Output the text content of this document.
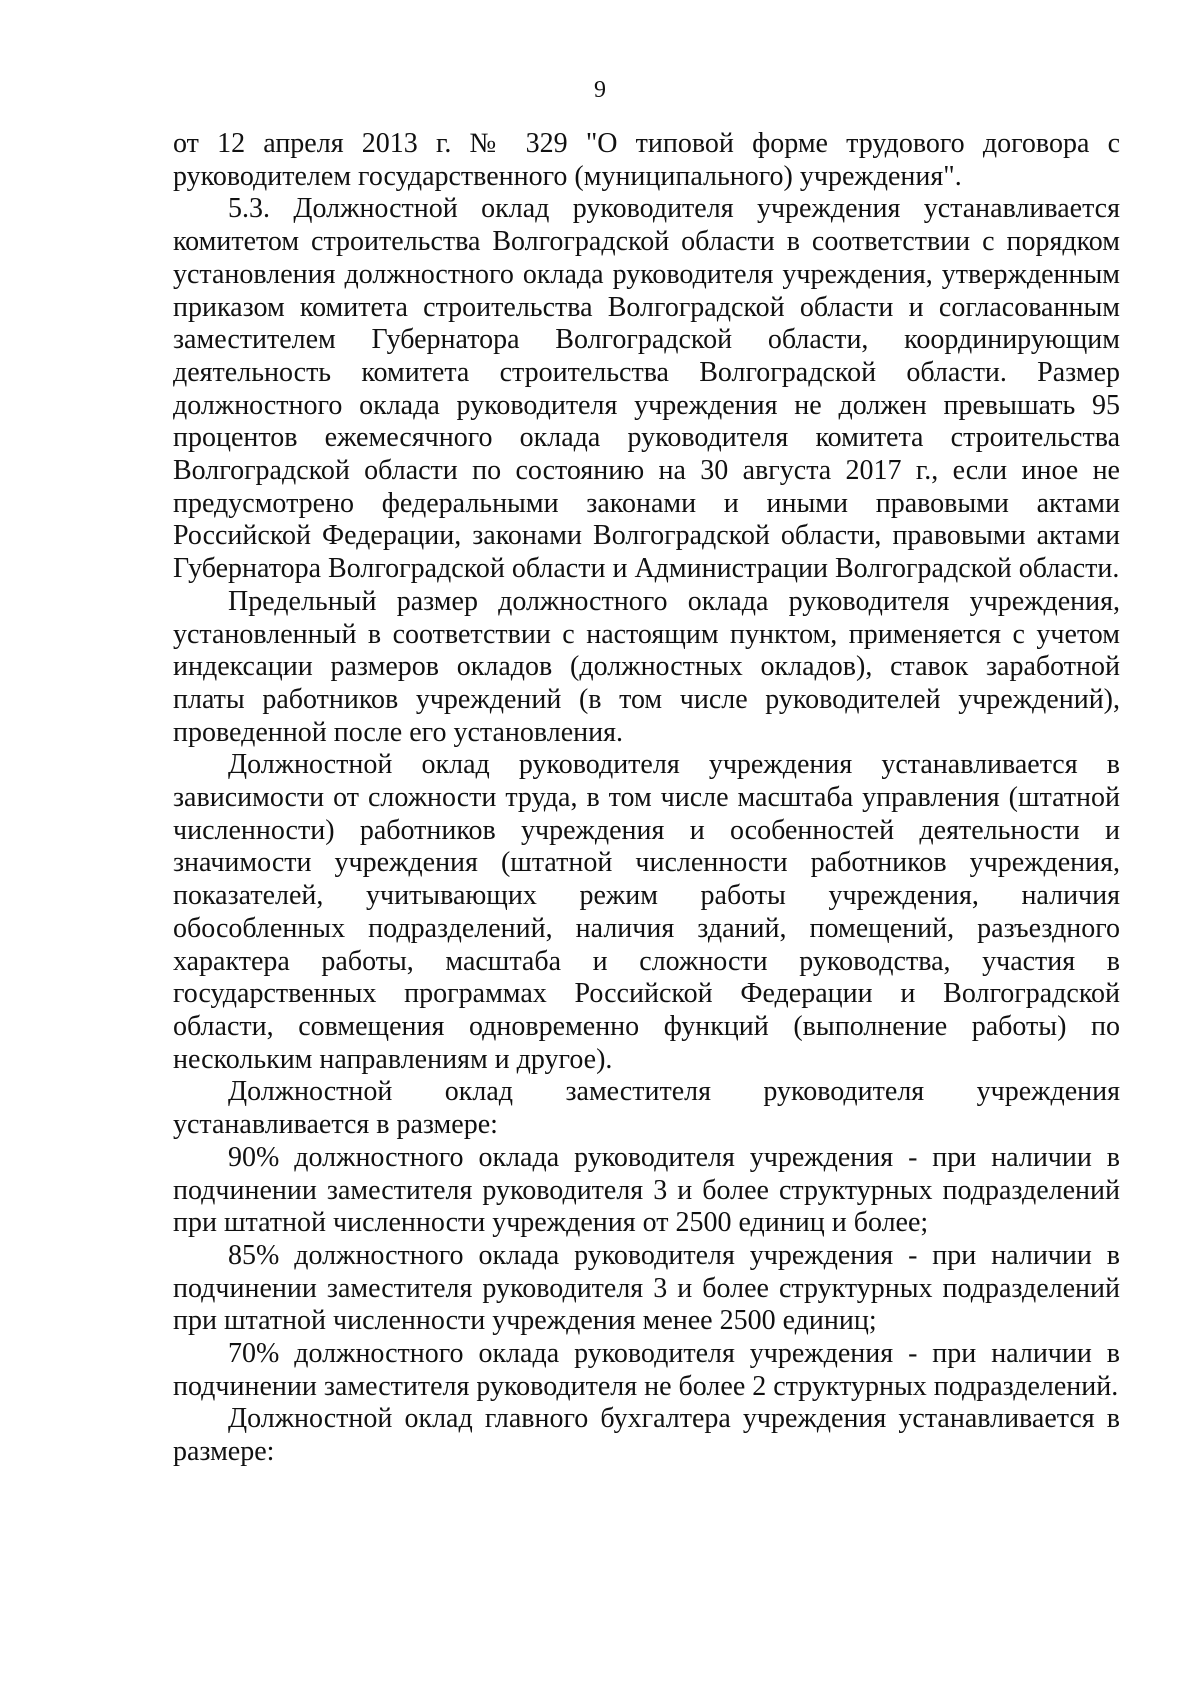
9

от 12 апреля 2013 г. № 329 "О типовой форме трудового договора с руководителем государственного (муниципального) учреждения".

5.3. Должностной оклад руководителя учреждения устанавливается комитетом строительства Волгоградской области в соответствии с порядком установления должностного оклада руководителя учреждения, утвержденным приказом комитета строительства Волгоградской области и согласованным заместителем Губернатора Волгоградской области, координирующим деятельность комитета строительства Волгоградской области. Размер должностного оклада руководителя учреждения не должен превышать 95 процентов ежемесячного оклада руководителя комитета строительства Волгоградской области по состоянию на 30 августа 2017 г., если иное не предусмотрено федеральными законами и иными правовыми актами Российской Федерации, законами Волгоградской области, правовыми актами Губернатора Волгоградской области и Администрации Волгоградской области.

Предельный размер должностного оклада руководителя учреждения, установленный в соответствии с настоящим пунктом, применяется с учетом индексации размеров окладов (должностных окладов), ставок заработной платы работников учреждений (в том числе руководителей учреждений), проведенной после его установления.

Должностной оклад руководителя учреждения устанавливается в зависимости от сложности труда, в том числе масштаба управления (штатной численности) работников учреждения и особенностей деятельности и значимости учреждения (штатной численности работников учреждения, показателей, учитывающих режим работы учреждения, наличия обособленных подразделений, наличия зданий, помещений, разъездного характера работы, масштаба и сложности руководства, участия в государственных программах Российской Федерации и Волгоградской области, совмещения одновременно функций (выполнение работы) по нескольким направлениям и другое).

Должностной оклад заместителя руководителя учреждения устанавливается в размере:

90% должностного оклада руководителя учреждения - при наличии в подчинении заместителя руководителя 3 и более структурных подразделений при штатной численности учреждения от 2500 единиц и более;

85% должностного оклада руководителя учреждения - при наличии в подчинении заместителя руководителя 3 и более структурных подразделений при штатной численности учреждения менее 2500 единиц;

70% должностного оклада руководителя учреждения - при наличии в подчинении заместителя руководителя не более 2 структурных подразделений.

Должностной оклад главного бухгалтера учреждения устанавливается в размере:
